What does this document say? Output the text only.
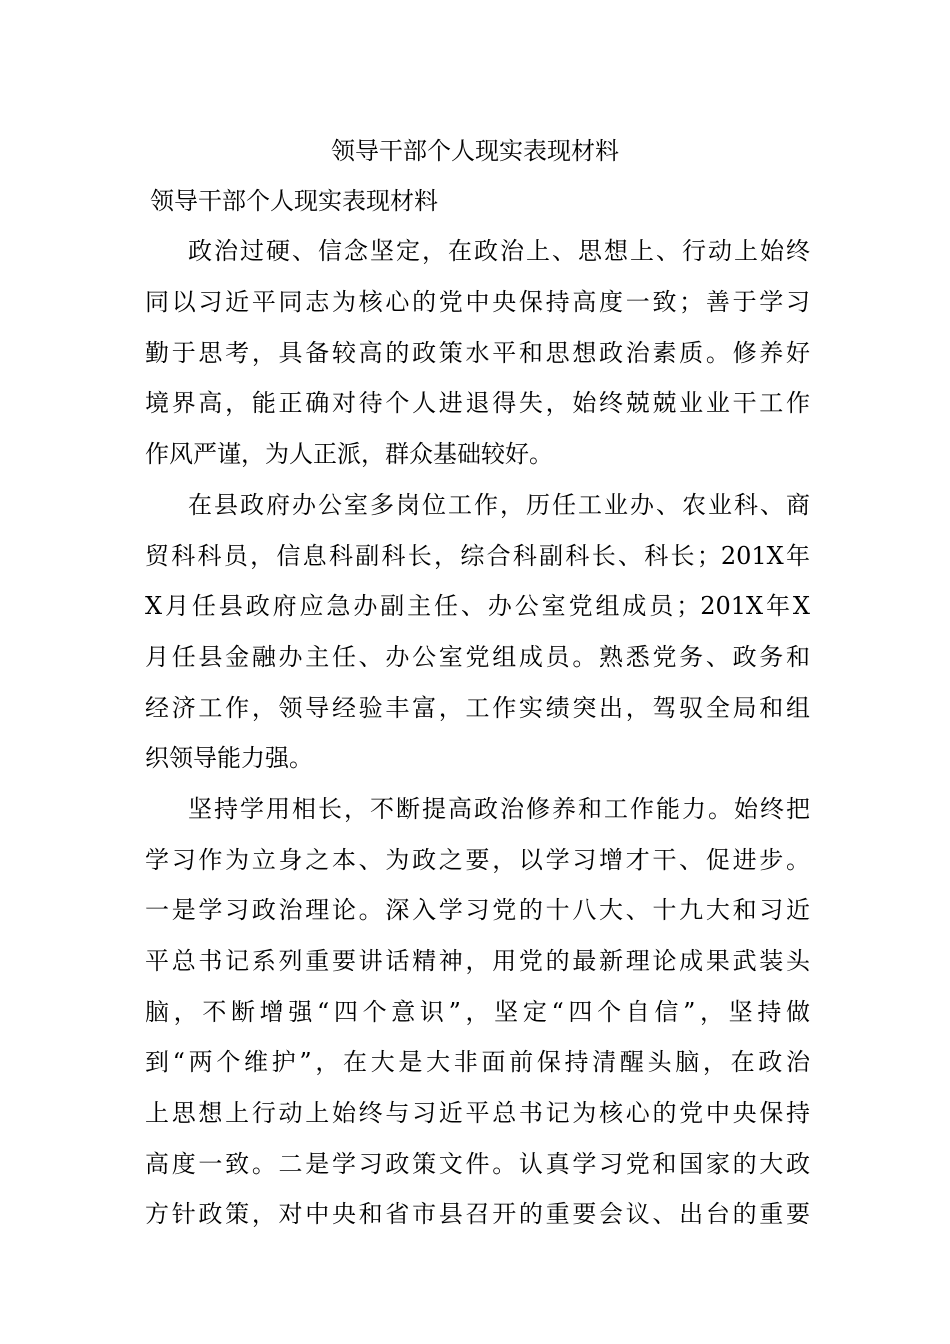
领导干部个人现实表现材料
领导干部个人现实表现材料
政治过硬、信念坚定，在政治上、思想上、行动上始终
同以习近平同志为核心的党中央保持高度一致；善于学习
勤于思考，具备较高的政策水平和思想政治素质。修养好
境界高，能正确对待个人进退得失，始终兢兢业业干工作
作风严谨，为人正派，群众基础较好。
在县政府办公室多岗位工作，历任工业办、农业科、商
贸科科员，信息科副科长，综合科副科长、科长；201X年
X月任县政府应急办副主任、办公室党组成员；201X年X
月任县金融办主任、办公室党组成员。熟悉党务、政务和
经济工作，领导经验丰富，工作实绩突出，驾驭全局和组
织领导能力强。
坚持学用相长，不断提高政治修养和工作能力。始终把
学习作为立身之本、为政之要，以学习增才干、促进步。
一是学习政治理论。深入学习党的十八大、十九大和习近
平总书记系列重要讲话精神，用党的最新理论成果武装头
脑，不断增强“四个意识”，坚定“四个自信”，坚持做
到“两个维护”，在大是大非面前保持清醒头脑，在政治
上思想上行动上始终与习近平总书记为核心的党中央保持
高度一致。二是学习政策文件。认真学习党和国家的大政
方针政策，对中央和省市县召开的重要会议、出台的重要
